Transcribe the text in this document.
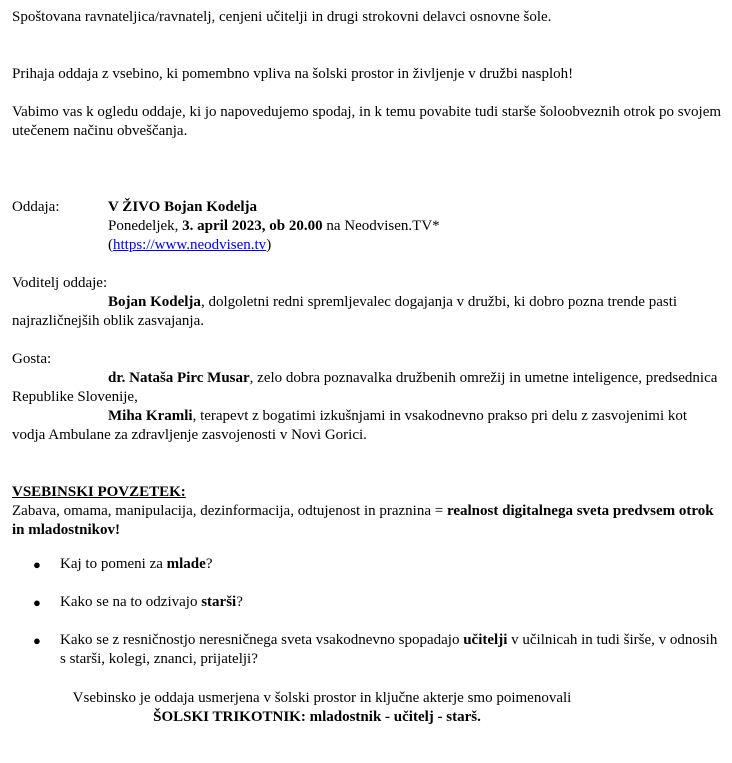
Spoštovana ravnateljica/ravnatelj, cenjeni učitelji in drugi strokovni delavci osnovne šole.

Prihaja oddaja z vsebino, ki pomembno vpliva na šolski prostor in življenje v družbi nasploh!

Vabimo vas k ogledu oddaje, ki jo napovedujemo spodaj, in k temu povabite tudi starše šoloobveznih otrok po svojem utečenem načinu obveščanja.

Oddaja:	V ŽIVO Bojan Kodelja
Ponedeljek, 3. april 2023, ob 20.00 na Neodvisen.TV*
(https://www.neodvisen.tv)

Voditelj oddaje:

Bojan Kodelja, dolgoletni redni spremljevalec dogajanja v družbi, ki dobro pozna trende pasti najrazličnejših oblik zasvajanja.

Gosta:

dr. Nataša Pirc Musar, zelo dobra poznavalka družbenih omrežij in umetne inteligence, predsednica Republike Slovenije,

Miha Kramli, terapevt z bogatimi izkušnjami in vsakodnevno prakso pri delu z zasvojenimi kot vodja Ambulane za zdravljenje zasvojenosti v Novi Gorici.

VSEBINSKI POVZETEK:

Zabava, omama, manipulacija, dezinformacija, odtujenost in praznina = realnost digitalnega sveta predvsem otrok in mladostnikov!

● Kaj to pomeni za mlade?
● Kako se na to odzivajo starši?
● Kako se z resničnostjo neresničnega sveta vsakodnevno spopadajo učitelji v učilnicah in tudi širše, v odnosih s starši, kolegi, znanci, prijatelji?

Vsebinsko je oddaja usmerjena v šolski prostor in ključne akterje smo poimenovali

ŠOLSKI TRIKOTNIK: mladostnik - učitelj - starš.
